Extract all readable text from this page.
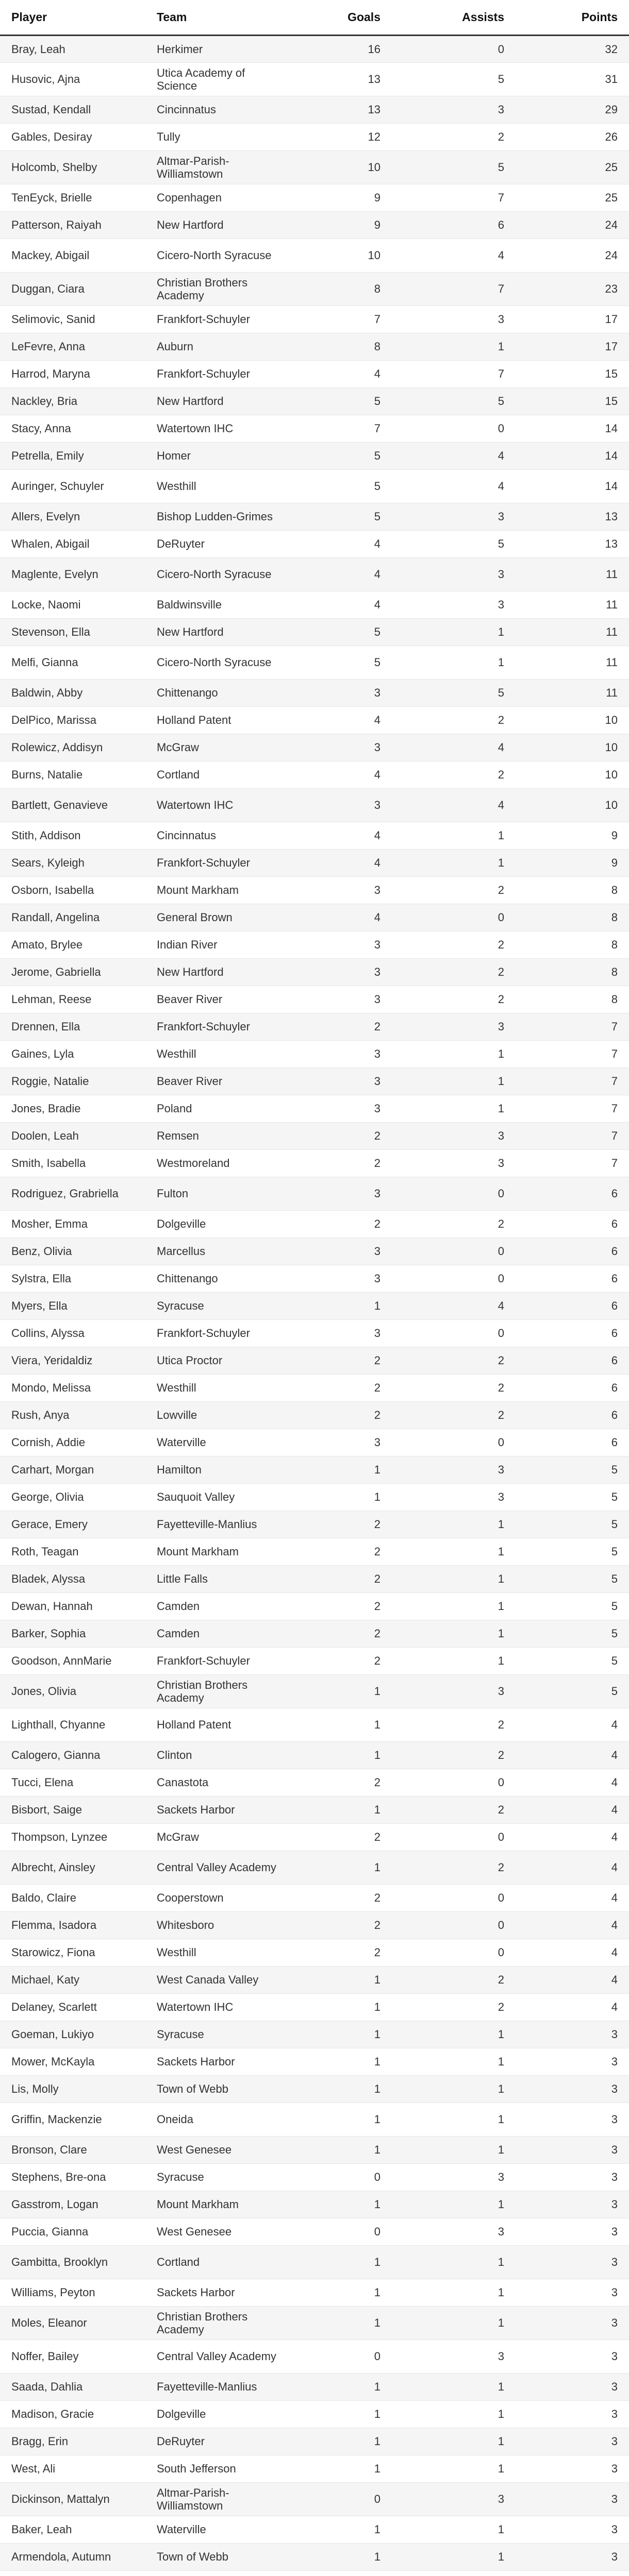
Player	Team	Goals	Assists	Points
Bray, Leah	Herkimer	16	0	32
Husovic, Ajna	Utica Academy of Science	13	5	31
Sustad, Kendall	Cincinnatus	13	3	29
Gables, Desiray	Tully	12	2	26
Holcomb, Shelby	Altmar-Parish-Williamstown	10	5	25
TenEyck, Brielle	Copenhagen	9	7	25
Patterson, Raiyah	New Hartford	9	6	24
Mackey, Abigail	Cicero-North Syracuse	10	4	24
Duggan, Ciara	Christian Brothers Academy	8	7	23
Selimovic, Sanid	Frankfort-Schuyler	7	3	17
LeFevre, Anna	Auburn	8	1	17
Harrod, Maryna	Frankfort-Schuyler	4	7	15
Nackley, Bria	New Hartford	5	5	15
Stacy, Anna	Watertown IHC	7	0	14
Petrella, Emily	Homer	5	4	14
Auringer, Schuyler	Westhill	5	4	14
Allers, Evelyn	Bishop Ludden-Grimes	5	3	13
Whalen, Abigail	DeRuyter	4	5	13
Maglente, Evelyn	Cicero-North Syracuse	4	3	11
Locke, Naomi	Baldwinsville	4	3	11
Stevenson, Ella	New Hartford	5	1	11
Melfi, Gianna	Cicero-North Syracuse	5	1	11
Baldwin, Abby	Chittenango	3	5	11
DelPico, Marissa	Holland Patent	4	2	10
Rolewicz, Addisyn	McGraw	3	4	10
Burns, Natalie	Cortland	4	2	10
Bartlett, Genavieve	Watertown IHC	3	4	10
Stith, Addison	Cincinnatus	4	1	9
Sears, Kyleigh	Frankfort-Schuyler	4	1	9
Osborn, Isabella	Mount Markham	3	2	8
Randall, Angelina	General Brown	4	0	8
Amato, Brylee	Indian River	3	2	8
Jerome, Gabriella	New Hartford	3	2	8
Lehman, Reese	Beaver River	3	2	8
Drennen, Ella	Frankfort-Schuyler	2	3	7
Gaines, Lyla	Westhill	3	1	7
Roggie, Natalie	Beaver River	3	1	7
Jones, Bradie	Poland	3	1	7
Doolen, Leah	Remsen	2	3	7
Smith, Isabella	Westmoreland	2	3	7
Rodriguez, Grabriella	Fulton	3	0	6
Mosher, Emma	Dolgeville	2	2	6
Benz, Olivia	Marcellus	3	0	6
Sylstra, Ella	Chittenango	3	0	6
Myers, Ella	Syracuse	1	4	6
Collins, Alyssa	Frankfort-Schuyler	3	0	6
Viera, Yeridaldiz	Utica Proctor	2	2	6
Mondo, Melissa	Westhill	2	2	6
Rush, Anya	Lowville	2	2	6
Cornish, Addie	Waterville	3	0	6
Carhart, Morgan	Hamilton	1	3	5
George, Olivia	Sauquoit Valley	1	3	5
Gerace, Emery	Fayetteville-Manlius	2	1	5
Roth, Teagan	Mount Markham	2	1	5
Bladek, Alyssa	Little Falls	2	1	5
Dewan, Hannah	Camden	2	1	5
Barker, Sophia	Camden	2	1	5
Goodson, AnnMarie	Frankfort-Schuyler	2	1	5
Jones, Olivia	Christian Brothers Academy	1	3	5
Lighthall, Chyanne	Holland Patent	1	2	4
Calogero, Gianna	Clinton	1	2	4
Tucci, Elena	Canastota	2	0	4
Bisbort, Saige	Sackets Harbor	1	2	4
Thompson, Lynzee	McGraw	2	0	4
Albrecht, Ainsley	Central Valley Academy	1	2	4
Baldo, Claire	Cooperstown	2	0	4
Flemma, Isadora	Whitesboro	2	0	4
Starowicz, Fiona	Westhill	2	0	4
Michael, Katy	West Canada Valley	1	2	4
Delaney, Scarlett	Watertown IHC	1	2	4
Goeman, Lukiyo	Syracuse	1	1	3
Mower, McKayla	Sackets Harbor	1	1	3
Lis, Molly	Town of Webb	1	1	3
Griffin, Mackenzie	Oneida	1	1	3
Bronson, Clare	West Genesee	1	1	3
Stephens, Bre-ona	Syracuse	0	3	3
Gasstrom, Logan	Mount Markham	1	1	3
Puccia, Gianna	West Genesee	0	3	3
Gambitta, Brooklyn	Cortland	1	1	3
Williams, Peyton	Sackets Harbor	1	1	3
Moles, Eleanor	Christian Brothers Academy	1	1	3
Noffer, Bailey	Central Valley Academy	0	3	3
Saada, Dahlia	Fayetteville-Manlius	1	1	3
Madison, Gracie	Dolgeville	1	1	3
Bragg, Erin	DeRuyter	1	1	3
West, Ali	South Jefferson	1	1	3
Dickinson, Mattalyn	Altmar-Parish-Williamstown	0	3	3
Baker, Leah	Waterville	1	1	3
Armendola, Autumn	Town of Webb	1	1	3
